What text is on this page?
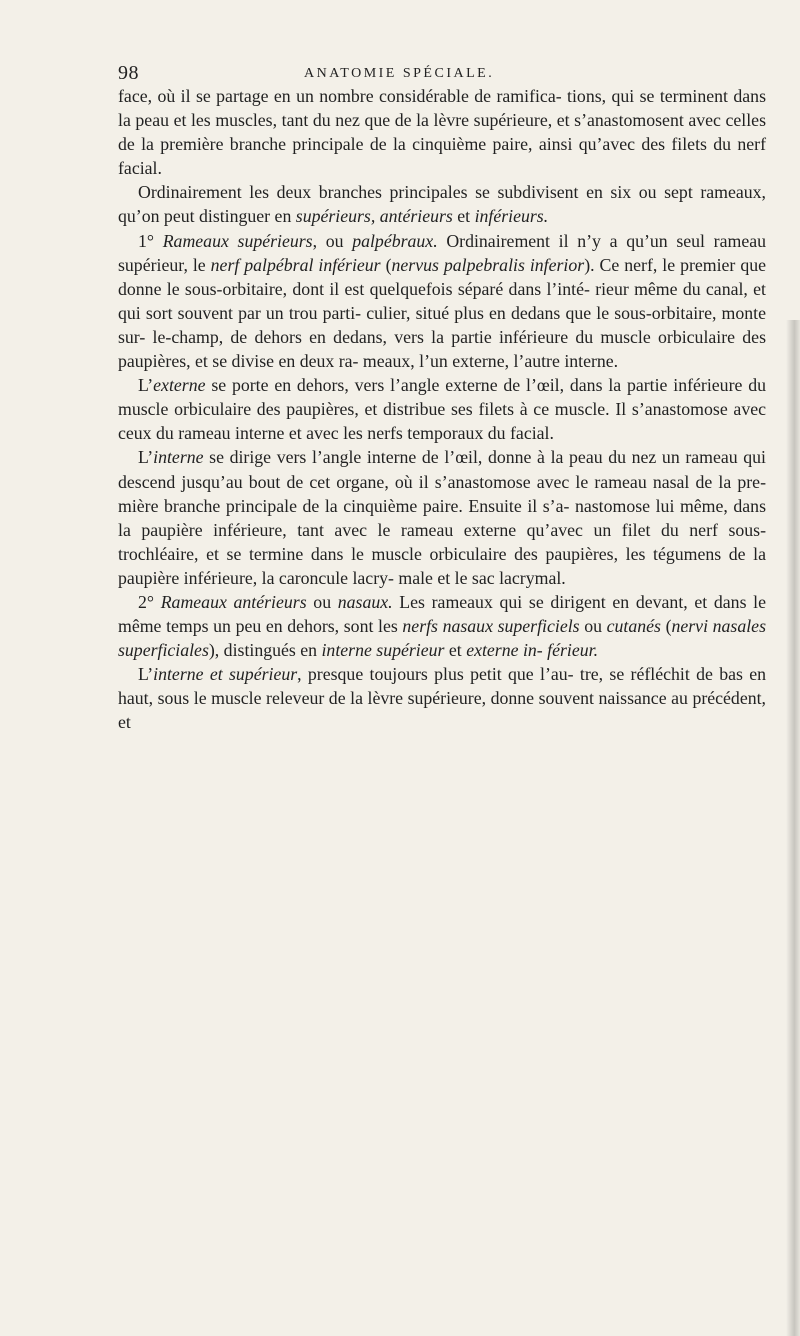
98	ANATOMIE SPÉCIALE.

face, où il se partage en un nombre considérable de ramifica- tions, qui se terminent dans la peau et les muscles, tant du nez que de la lèvre supérieure, et s’anastomosent avec celles de la première branche principale de la cinquième paire, ainsi qu’avec des filets du nerf facial.

Ordinairement les deux branches principales se subdivisent en six ou sept rameaux, qu’on peut distinguer en supérieurs, antérieurs et inférieurs.

1° Rameaux supérieurs, ou palpébraux. Ordinairement il n’y a qu’un seul rameau supérieur, le nerf palpébral inférieur (nervus palpebralis inferior). Ce nerf, le premier que donne le sous-orbitaire, dont il est quelquefois séparé dans l’inté- rieur même du canal, et qui sort souvent par un trou parti- culier, situé plus en dedans que le sous-orbitaire, monte sur- le-champ, de dehors en dedans, vers la partie inférieure du muscle orbiculaire des paupières, et se divise en deux ra- meaux, l’un externe, l’autre interne.

L’externe se porte en dehors, vers l’angle externe de l’œil, dans la partie inférieure du muscle orbiculaire des paupières, et distribue ses filets à ce muscle. Il s’anastomose avec ceux du rameau interne et avec les nerfs temporaux du facial.

L’interne se dirige vers l’angle interne de l’œil, donne à la peau du nez un rameau qui descend jusqu’au bout de cet organe, où il s’anastomose avec le rameau nasal de la pre- mière branche principale de la cinquième paire. Ensuite il s’a- nastomose lui même, dans la paupière inférieure, tant avec le rameau externe qu’avec un filet du nerf sous-trochléaire, et se termine dans le muscle orbiculaire des paupières, les tégumens de la paupière inférieure, la caroncule lacry- male et le sac lacrymal.

2° Rameaux antérieurs ou nasaux. Les rameaux qui se dirigent en devant, et dans le même temps un peu en dehors, sont les nerfs nasaux superficiels ou cutanés (nervi nasales superficiales), distingués en interne supérieur et externe in- férieur.

L’interne et supérieur, presque toujours plus petit que l’au- tre, se réfléchit de bas en haut, sous le muscle releveur de la lèvre supérieure, donne souvent naissance au précédent, et
